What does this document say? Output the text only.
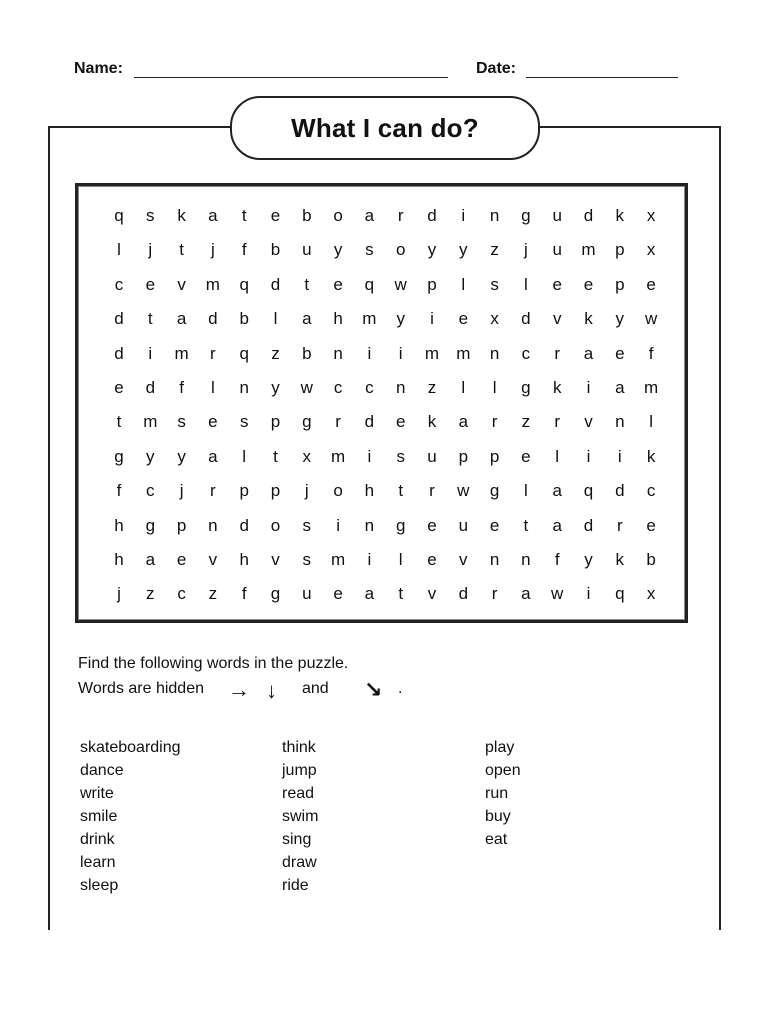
Name:	Date:
What I can do?
q	s	k	a	t	e	b	o	a	r	d	i	n	g	u	d	k	x
l	j	t	j	f	b	u	y	s	o	y	y	z	j	u	m	p	x
c	e	v	m	q	d	t	e	q	w	p	l	s	l	e	e	p	e
d	t	a	d	b	l	a	h	m	y	i	e	x	d	v	k	y	w
d	i	m	r	q	z	b	n	i	i	m	m	n	c	r	a	e	f
e	d	f	l	n	y	w	c	c	n	z	l	l	g	k	i	a	m
t	m	s	e	s	p	g	r	d	e	k	a	r	z	r	v	n	l
g	y	y	a	l	t	x	m	i	s	u	p	p	e	l	i	i	k
f	c	j	r	p	p	j	o	h	t	r	w	g	l	a	q	d	c
h	g	p	n	d	o	s	i	n	g	e	u	e	t	a	d	r	e
h	a	e	v	h	v	s	m	i	l	e	v	n	n	f	y	k	b
j	z	c	z	f	g	u	e	a	t	v	d	r	a	w	i	q	x
Find the following words in the puzzle.
Words are hidden → ↓ and ↘ .
skateboarding
dance
write
smile
drink
learn
sleep
think
jump
read
swim
sing
draw
ride
play
open
run
buy
eat
